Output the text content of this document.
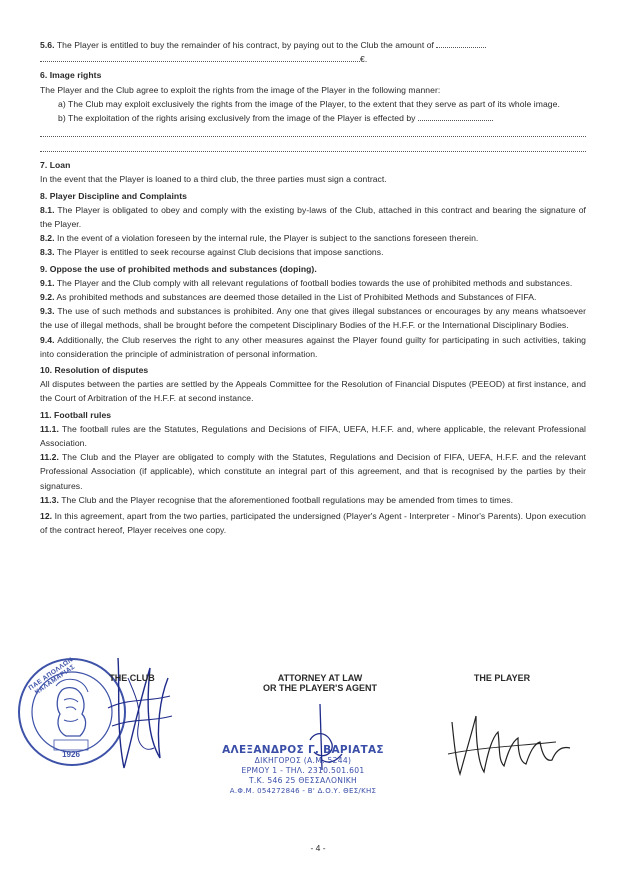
5.6. The Player is entitled to buy the remainder of his contract, by paying out to the Club the amount of

€.

6. Image rights

The Player and the Club agree to exploit the rights from the image of the Player in the following manner:

a) The Club may exploit exclusively the rights from the image of the Player, to the extent that they serve as part of its whole image.

b) The exploitation of the rights arising exclusively from the image of the Player is effected by

7. Loan

In the event that the Player is loaned to a third club, the three parties must sign a contract.

8. Player Discipline and Complaints

8.1. The Player is obligated to obey and comply with the existing by-laws of the Club, attached in this contract and bearing the signature of the Player.

8.2. In the event of a violation foreseen by the internal rule, the Player is subject to the sanctions foreseen therein.

8.3. The Player is entitled to seek recourse against Club decisions that impose sanctions.

9. Oppose the use of prohibited methods and substances (doping).

9.1. The Player and the Club comply with all relevant regulations of football bodies towards the use of prohibited methods and substances.

9.2. As prohibited methods and substances are deemed those detailed in the List of Prohibited Methods and Substances of FIFA.

9.3. The use of such methods and substances is prohibited. Any one that gives illegal substances or encourages by any means whatsoever the use of illegal methods, shall be brought before the competent Disciplinary Bodies of the H.F.F. or the International Disciplinary Bodies.

9.4. Additionally, the Club reserves the right to any other measures against the Player found guilty for participating in such activities, taking into consideration the principle of administration of personal information.

10. Resolution of disputes

All disputes between the parties are settled by the Appeals Committee for the Resolution of Financial Disputes (PEEOD) at first instance, and the Court of Arbitration of the H.F.F. at second instance.

11. Football rules

11.1. The football rules are the Statutes, Regulations and Decisions of FIFA, UEFA, H.F.F. and, where applicable, the relevant Professional Association.

11.2. The Club and the Player are obligated to comply with the Statutes, Regulations and Decision of FIFA, UEFA, H.F.F. and the relevant Professional Association (if applicable), which constitute an integral part of this agreement, and that is recognised by the parties by their signatures.

11.3. The Club and the Player recognise that the aforementioned football regulations may be amended from times to times.

12. In this agreement, apart from the two parties, participated the undersigned (Player's Agent - Interpreter - Minor's Parents). Upon execution of the contract hereof, Player receives one copy.

ΠΑΕ ΑΠΟΛΛΩΝ ΚΑΛΑΜΑΡΙΑΣ
1926
THE CLUB	ATTORNEY AT LAW
OR THE PLAYER'S AGENT
THE PLAYER
ΑΛΕΞΑΝΔΡΟΣ Γ. ΒΑΡΙΑΤΑΣ
ΔΙΚΗΓΟΡΟΣ (Α.Μ. 5244)
ΕΡΜΟΥ 1 - ΤΗΛ. 2310.501.601
Τ.Κ. 546 25 ΘΕΣΣΑΛΟΝΙΚΗ
Α.Φ.Μ. 054272846 - Β' Δ.Ο.Υ. ΘΕΣ/ΚΗΣ
- 4 -
